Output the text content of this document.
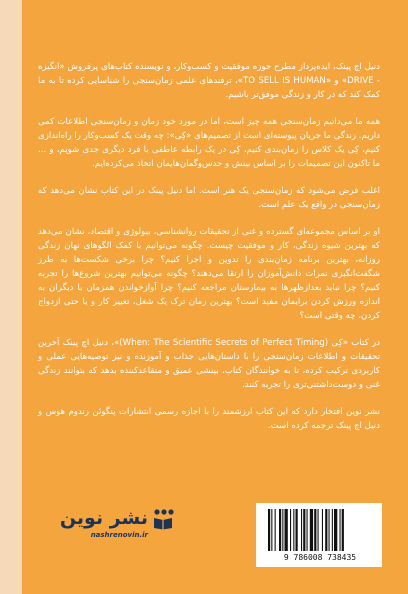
دنیل اچ پینک، ایده‌پرداز مطرح حوزه موفقیت و کسب‌وکار، و نویسنده کتاب‌های پرفروش «انگیزه - DRIVE» و «TO SELL IS HUMAN»، ترفندهای علمی زمان‌سنجی را شناسایی کرده تا به ما کمک کند که در کار و زندگی موفق‌تر باشیم.

همه ما می‌دانیم زمان‌سنجی همه چیز است، اما در مورد خود زمان و زمان‌سنجی اطلاعات کمی داریم. زندگی ما جریان پیوسته‌ای است از تصمیم‌های «کِی»: چه وقت یک کسب‌وکار را راه‌اندازی کنیم، کِی یک کلاس را زمان‌بندی کنیم، کِی در یک رابطه عاطفی با فرد دیگری جدی شویم، و ... ما تاکنون این تصمیمات را بر اساس بینش و حدس‌وگمان‌هایمان اتخاذ می‌کرده‌ایم.

اغلب فرض می‌شود که زمان‌سنجی یک هنر است. اما دنیل پینک در این کتاب نشان می‌دهد که زمان‌سنجی در واقع یک علم است.

او بر اساس مجموعه‌ای گسترده و غنی از تحقیقات روانشناسی، بیولوژی و اقتصاد، نشان می‌دهد که بهترین شیوه زندگی، کار و موفقیت چیست. چگونه می‌توانیم با کمک الگوهای نهان زندگی روزانه، بهترین برنامه زمان‌بندی را تدوین و اجرا کنیم؟ چرا برخی شکست‌ها به طرز شگفت‌انگیزی نمرات دانش‌آموزان را ارتقا می‌دهند؟ چگونه می‌توانیم بهترین شروع‌ها را تجربه کنیم؟ چرا نباید بعدازظهرها به بیمارستان مراجعه کنیم؟ چرا آوازخواندن همزمان با دیگران به اندازه ورزش کردن برایمان مفید است؟ بهترین زمان ترک یک شغل، تغییر کار و یا حتی ازدواج کردن، چه وقتی است؟

در کتاب «کِی (When: The Scientific Secrets of Perfect Timing)»، دنیل اچ پینک آخرین تحقیقات و اطلاعات زمان‌سنجی را با داستان‌هایی جذاب و آموزنده و نیز توصیه‌هایی عملی و کاربردی ترکیب کرده، تا به خوانندگان کتاب، بینشی عمیق و متقاعدکننده بدهد که بتوانند زندگی غنی و دوست‌داشتنی‌تری را تجربه کنند.

نشر نوین افتخار دارد که این کتاب ارزشمند را با اجازه رسمی انتشارات پنگوئن رندوم هوس و دنیل اچ پینک ترجمه کرده است.

نشر نوین
nashrenovin.ir
9 786008 738435
